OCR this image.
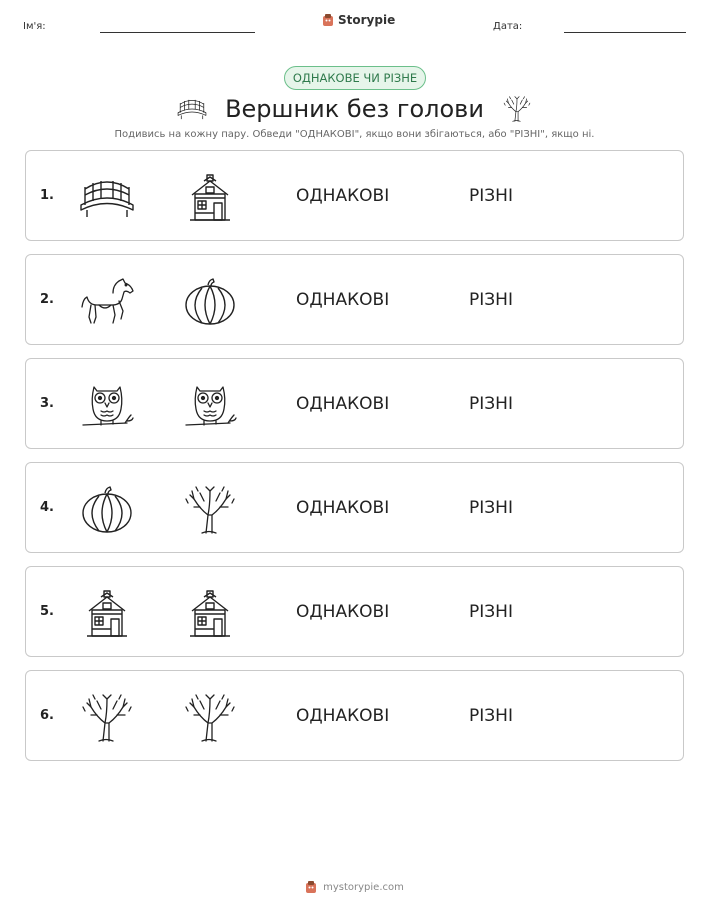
Ім'я:	Storypie	Дата:
ОДНАКОВЕ ЧИ РІЗНЕ
Вершник без голови
Подивись на кожну пару. Обведи "ОДНАКОВІ", якщо вони збігаються, або "РІЗНІ", якщо ні.
1.	ОДНАКОВІ	РІЗНІ
2.	ОДНАКОВІ	РІЗНІ
3.	ОДНАКОВІ	РІЗНІ
4.	ОДНАКОВІ	РІЗНІ
5.	ОДНАКОВІ	РІЗНІ
6.	ОДНАКОВІ	РІЗНІ
mystorypie.com
